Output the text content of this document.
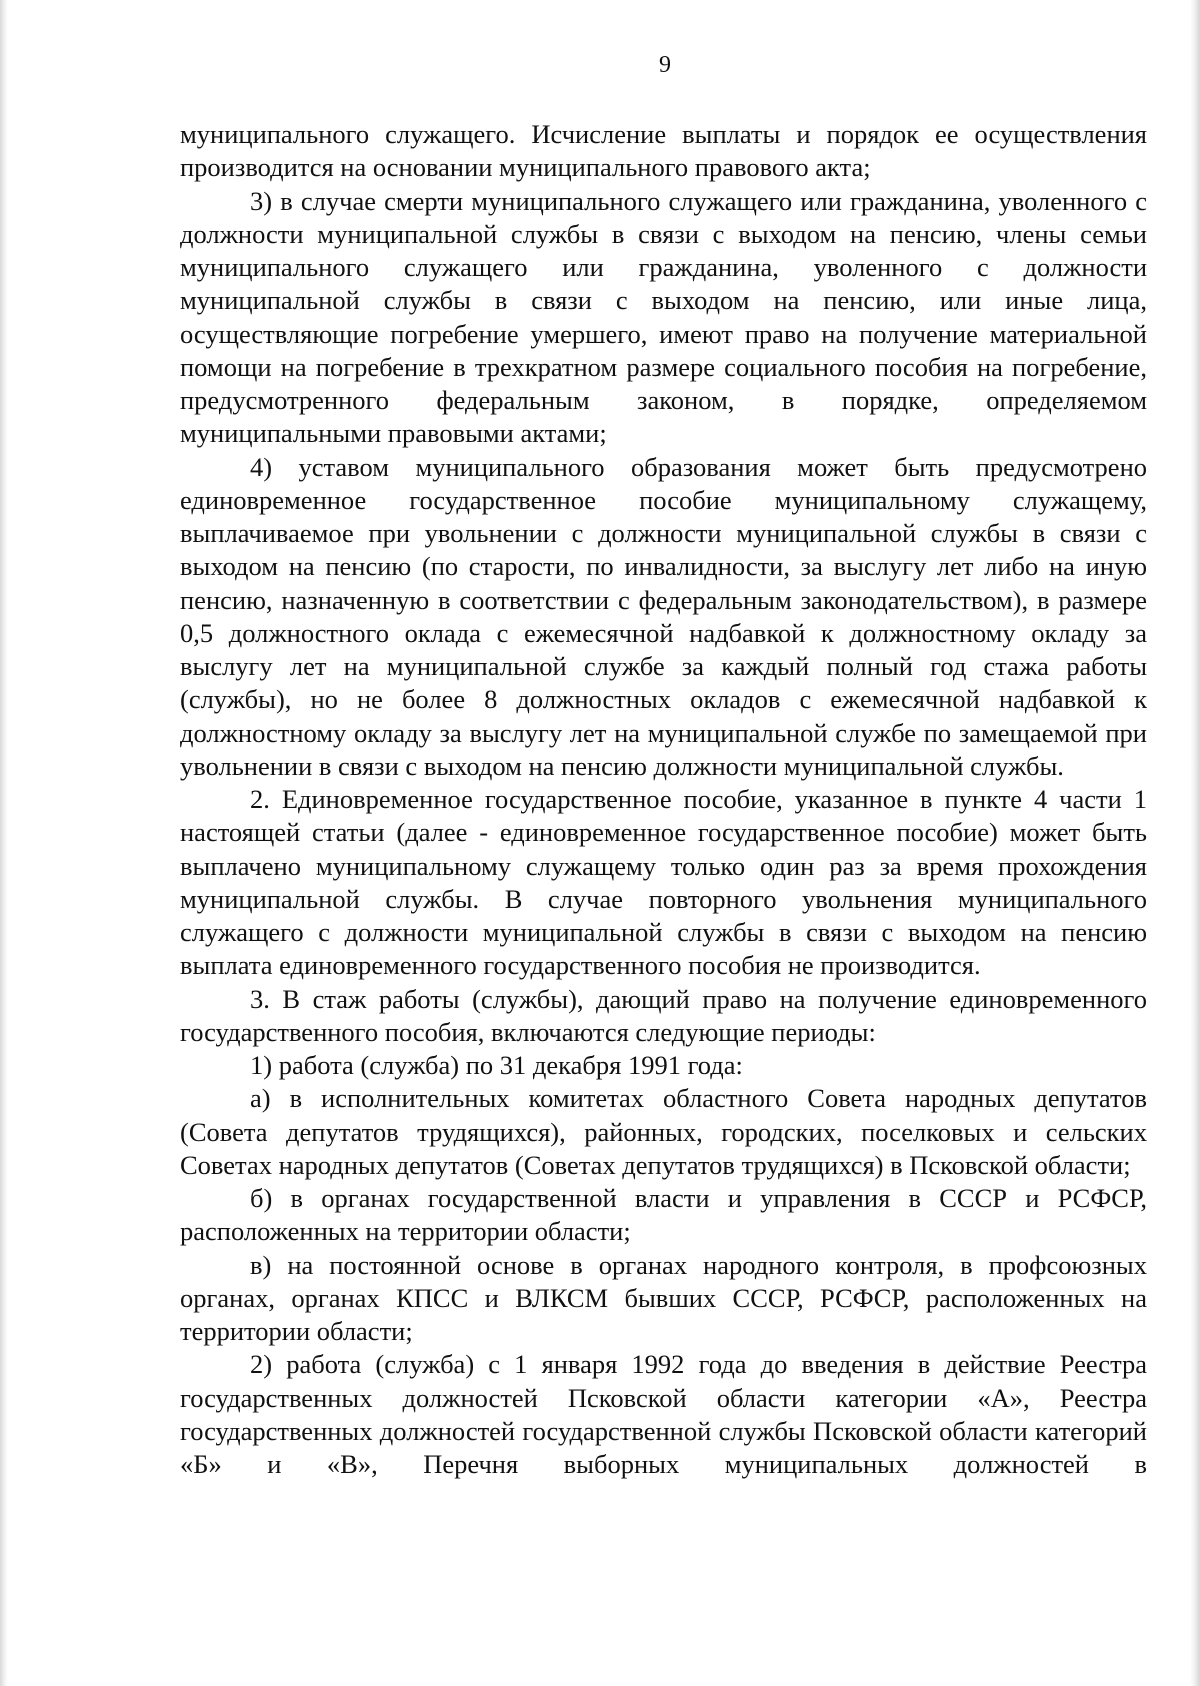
9

муниципального служащего. Исчисление выплаты и порядок ее осуществления производится на основании муниципального правового акта;

3) в случае смерти муниципального служащего или гражданина, уволенного с должности муниципальной службы в связи с выходом на пенсию, члены семьи муниципального служащего или гражданина, уволенного с должности муниципальной службы в связи с выходом на пенсию, или иные лица, осуществляющие погребение умершего, имеют право на получение материальной помощи на погребение в трехкратном размере социального пособия на погребение, предусмотренного федеральным законом, в порядке, определяемом муниципальными правовыми актами;

4) уставом муниципального образования может быть предусмотрено единовременное государственное пособие муниципальному служащему, выплачиваемое при увольнении с должности муниципальной службы в связи с выходом на пенсию (по старости, по инвалидности, за выслугу лет либо на иную пенсию, назначенную в соответствии с федеральным законодательством), в размере 0,5 должностного оклада с ежемесячной надбавкой к должностному окладу за выслугу лет на муниципальной службе за каждый полный год стажа работы (службы), но не более 8 должностных окладов с ежемесячной надбавкой к должностному окладу за выслугу лет на муниципальной службе по замещаемой при увольнении в связи с выходом на пенсию должности муниципальной службы.

2. Единовременное государственное пособие, указанное в пункте 4 части 1 настоящей статьи (далее - единовременное государственное пособие) может быть выплачено муниципальному служащему только один раз за время прохождения муниципальной службы. В случае повторного увольнения муниципального служащего с должности муниципальной службы в связи с выходом на пенсию выплата единовременного государственного пособия не производится.

3. В стаж работы (службы), дающий право на получение единовременного государственного пособия, включаются следующие периоды:

1) работа (служба) по 31 декабря 1991 года:

а) в исполнительных комитетах областного Совета народных депутатов (Совета депутатов трудящихся), районных, городских, поселковых и сельских Советах народных депутатов (Советах депутатов трудящихся) в Псковской области;

б) в органах государственной власти и управления в СССР и РСФСР, расположенных на территории области;

в) на постоянной основе в органах народного контроля, в профсоюзных органах, органах КПСС и ВЛКСМ бывших СССР, РСФСР, расположенных на территории области;

2) работа (служба) с 1 января 1992 года до введения в действие Реестра государственных должностей Псковской области категории «А», Реестра государственных должностей государственной службы Псковской области категорий «Б» и «В», Перечня выборных муниципальных должностей в
